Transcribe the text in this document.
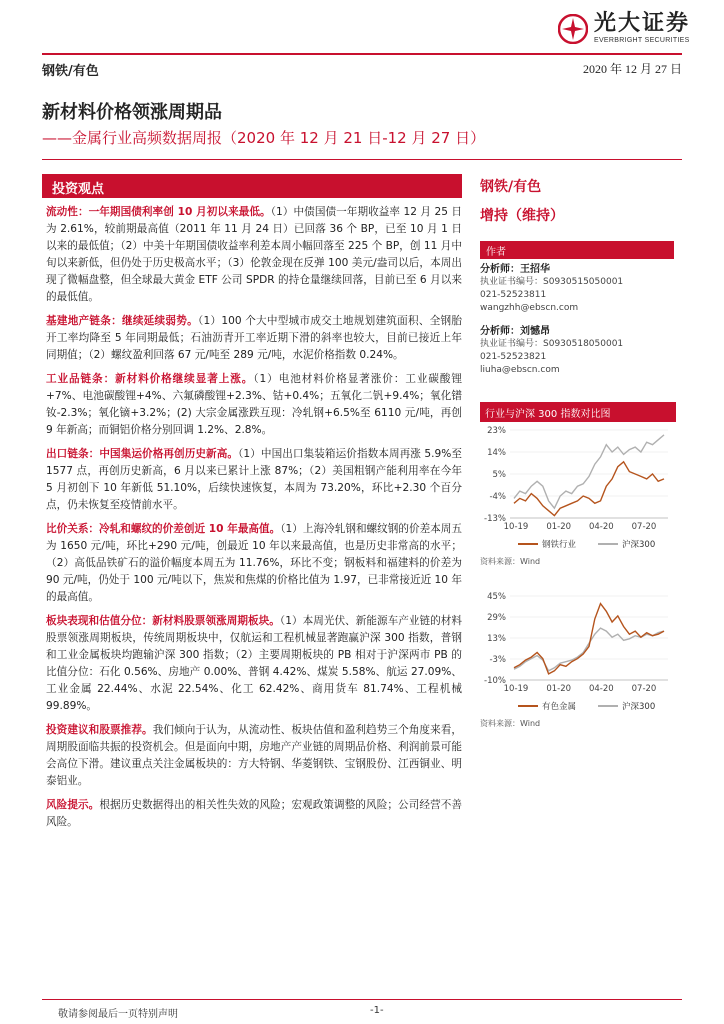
光大证券
EVERBRIGHT SECURITIES
钢铁/有色	2020 年 12 月 27 日
新材料价格领涨周期品
——金属行业高频数据周报（2020 年 12 月 21 日-12 月 27 日）
投资观点

流动性：一年期国债利率创 10 月初以来最低。（1）中债国债一年期收益率 12 月 25 日为 2.61%，较前期最高值（2011 年 11 月 24 日）已回落 36 个 BP，已至 10 月 1 日以来的最低值；（2）中美十年期国债收益率利差本周小幅回落至 225 个 BP，创 11 月中旬以来新低，但仍处于历史极高水平；（3）伦敦金现在反弹 100 美元/盎司以后，本周出现了微幅盘整，但全球最大黄金 ETF 公司 SPDR 的持仓量继续回落，目前已至 6 月以来的最低值。

基建地产链条：继续延续弱势。（1）100 个大中型城市成交土地规划建筑面积、全钢胎开工率均降至 5 年同期最低；石油沥青开工率近期下滑的斜率也较大，目前已接近上年同期值；（2）螺纹盈利回落 67 元/吨至 289 元/吨，水泥价格指数 0.24%。

工业品链条：新材料价格继续显著上涨。（1）电池材料价格显著涨价：工业碳酸锂+7%、电池碳酸锂+4%、六氟磷酸锂+2.3%、钴+0.4%；五氧化二钒+9.4%；氧化镨钕-2.3%；氧化镝+3.2%；(2) 大宗金属涨跌互现：冷轧钢+6.5%至 6110 元/吨，再创 9 年新高；而铜铝价格分别回调 1.2%、2.8%。

出口链条：中国集运价格再创历史新高。（1）中国出口集装箱运价指数本周再涨 5.9%至 1577 点，再创历史新高，6 月以来已累计上涨 87%；（2）美国粗钢产能利用率在今年 5 月初创下 10 年新低 51.10%，后续快速恢复，本周为 73.20%，环比+2.30 个百分点，仍未恢复至疫情前水平。

比价关系：冷轧和螺纹的价差创近 10 年最高值。（1）上海冷轧钢和螺纹钢的价差本周五为 1650 元/吨，环比+290 元/吨，创最近 10 年以来最高值，也是历史非常高的水平；（2）高低品铁矿石的溢价幅度本周五为 11.76%，环比不变；钢板料和福建料的价差为 90 元/吨，仍处于 100 元/吨以下，焦炭和焦煤的价格比值为 1.97，已非常接近近 10 年的最高值。

板块表现和估值分位：新材料股票领涨周期板块。（1）本周光伏、新能源车产业链的材料股票领涨周期板块，传统周期板块中，仅航运和工程机械显著跑赢沪深 300 指数，普钢和工业金属板块均跑输沪深 300 指数；（2）主要周期板块的 PB 相对于沪深两市 PB 的比值分位：石化 0.56%、房地产 0.00%、普钢 4.42%、煤炭 5.58%、航运 27.09%、工业金属 22.44%、水泥 22.54%、化工 62.42%、商用货车 81.74%、工程机械 99.89%。

投资建议和股票推荐。我们倾向于认为，从流动性、板块估值和盈利趋势三个角度来看，周期股面临共振的投资机会。但是面向中期，房地产产业链的周期品价格、利润前景可能会高位下滑。建议重点关注金属板块的：方大特钢、华菱钢铁、宝钢股份、江西铜业、明泰铝业。

风险提示。根据历史数据得出的相关性失效的风险；宏观政策调整的风险；公司经营不善风险。

钢铁/有色
增持（维持）
作者
分析师：王招华
执业证书编号：S0930515050001
021-52523811
wangzhh@ebscn.com
分析师：刘憾昂
执业证书编号：S0930518050001
021-52523821
liuha@ebscn.com
行业与沪深 300 指数对比图
23%
14%
5%
-4%
-13%
10-19 01-20 04-20 07-20
钢铁行业	沪深300
资料来源：Wind
45%
29%
13%
-3%
-10%
10-19 01-20 04-20 07-20
有色金属	沪深300
资料来源：Wind
敬请参阅最后一页特别声明	-1-
